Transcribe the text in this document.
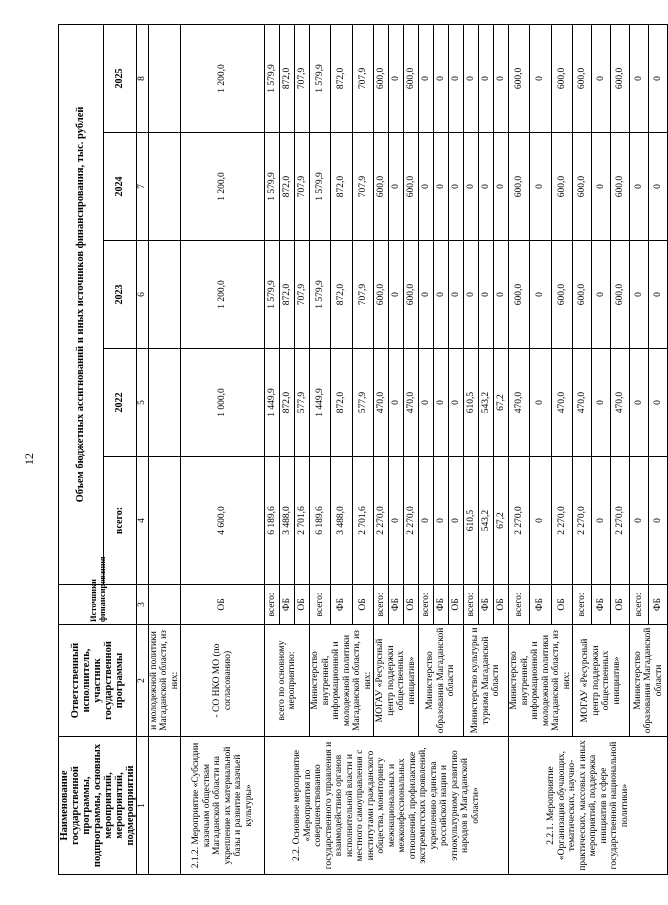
12
Наименование государственной программы, подпрограммы, основных мероприятий, мероприятий, подмероприятий	Ответственный исполнитель, участник государственной программы	Источники финансирования	Объем бюджетных ассигнований и иных источников финансирования, тыс. рублей				
			всего:	2022	2023	2024	2025
1	2	3	4	5	6	7	8
	и молодежной политики Магаданской области, из них:						
2.1.2. Мероприятие «Субсидии казачьим обществам Магаданской области на укрепление их материальной базы и развитие казачьей культуры»	- СО НКО МО (по согласованию)	ОБ	4 600,0	1 000,0	1 200,0	1 200,0	1 200,0
2.2. Основное мероприятие «Мероприятия по совершенствованию государственного управления и взаимодействию органов исполнительной власти и местного самоуправления с институтами гражданского общества, мониторингу межнациональных и межконфессиональных отношений, профилактике экстремистских проявлений, укреплению единства российской нации и этнокультурному развитию народов в Магаданской области»	всего по основному мероприятию:	всего:	6 189,6	1 449,9	1 579,9	1 579,9	1 579,9
		ФБ	3 488,0	872,0	872,0	872,0	872,0
		ОБ	2 701,6	577,9	707,9	707,9	707,9
	Министерство внутренней, информационной и молодежной политики Магаданской области, из них:	всего:	6 189,6	1 449,9	1 579,9	1 579,9	1 579,9
		ФБ	3 488,0	872,0	872,0	872,0	872,0
		ОБ	2 701,6	577,9	707,9	707,9	707,9
	МОГАУ «Ресурсный центр поддержки общественных инициатив»	всего:	2 270,0	470,0	600,0	600,0	600,0
		ФБ	0	0	0	0	0
		ОБ	2 270,0	470,0	600,0	600,0	600,0
	Министерство образования Магаданской области	всего:	0	0	0	0	0
		ФБ	0	0	0	0	0
		ОБ	0	0	0	0	0
	Министерство культуры и туризма Магаданской области	всего:	610,5	610,5	0	0	0
		ФБ	543,2	543,2	0	0	0
		ОБ	67,2	67,2	0	0	0
2.2.1. Мероприятие «Организация обучающих, тематических, научно-практических, массовых и иных мероприятий, поддержка инициатив в сфере государственной национальной политики»	Министерство внутренней, информационной и молодежной политики Магаданской области, из них:	всего:	2 270,0	470,0	600,0	600,0	600,0
		ФБ	0	0	0	0	0
		ОБ	2 270,0	470,0	600,0	600,0	600,0
	МОГАУ «Ресурсный центр поддержки общественных инициатив»	всего:	2 270,0	470,0	600,0	600,0	600,0
		ФБ	0	0	0	0	0
		ОБ	2 270,0	470,0	600,0	600,0	600,0
	Министерство образования Магаданской области	всего:	0	0	0	0	0
		ФБ	0	0	0	0	0
